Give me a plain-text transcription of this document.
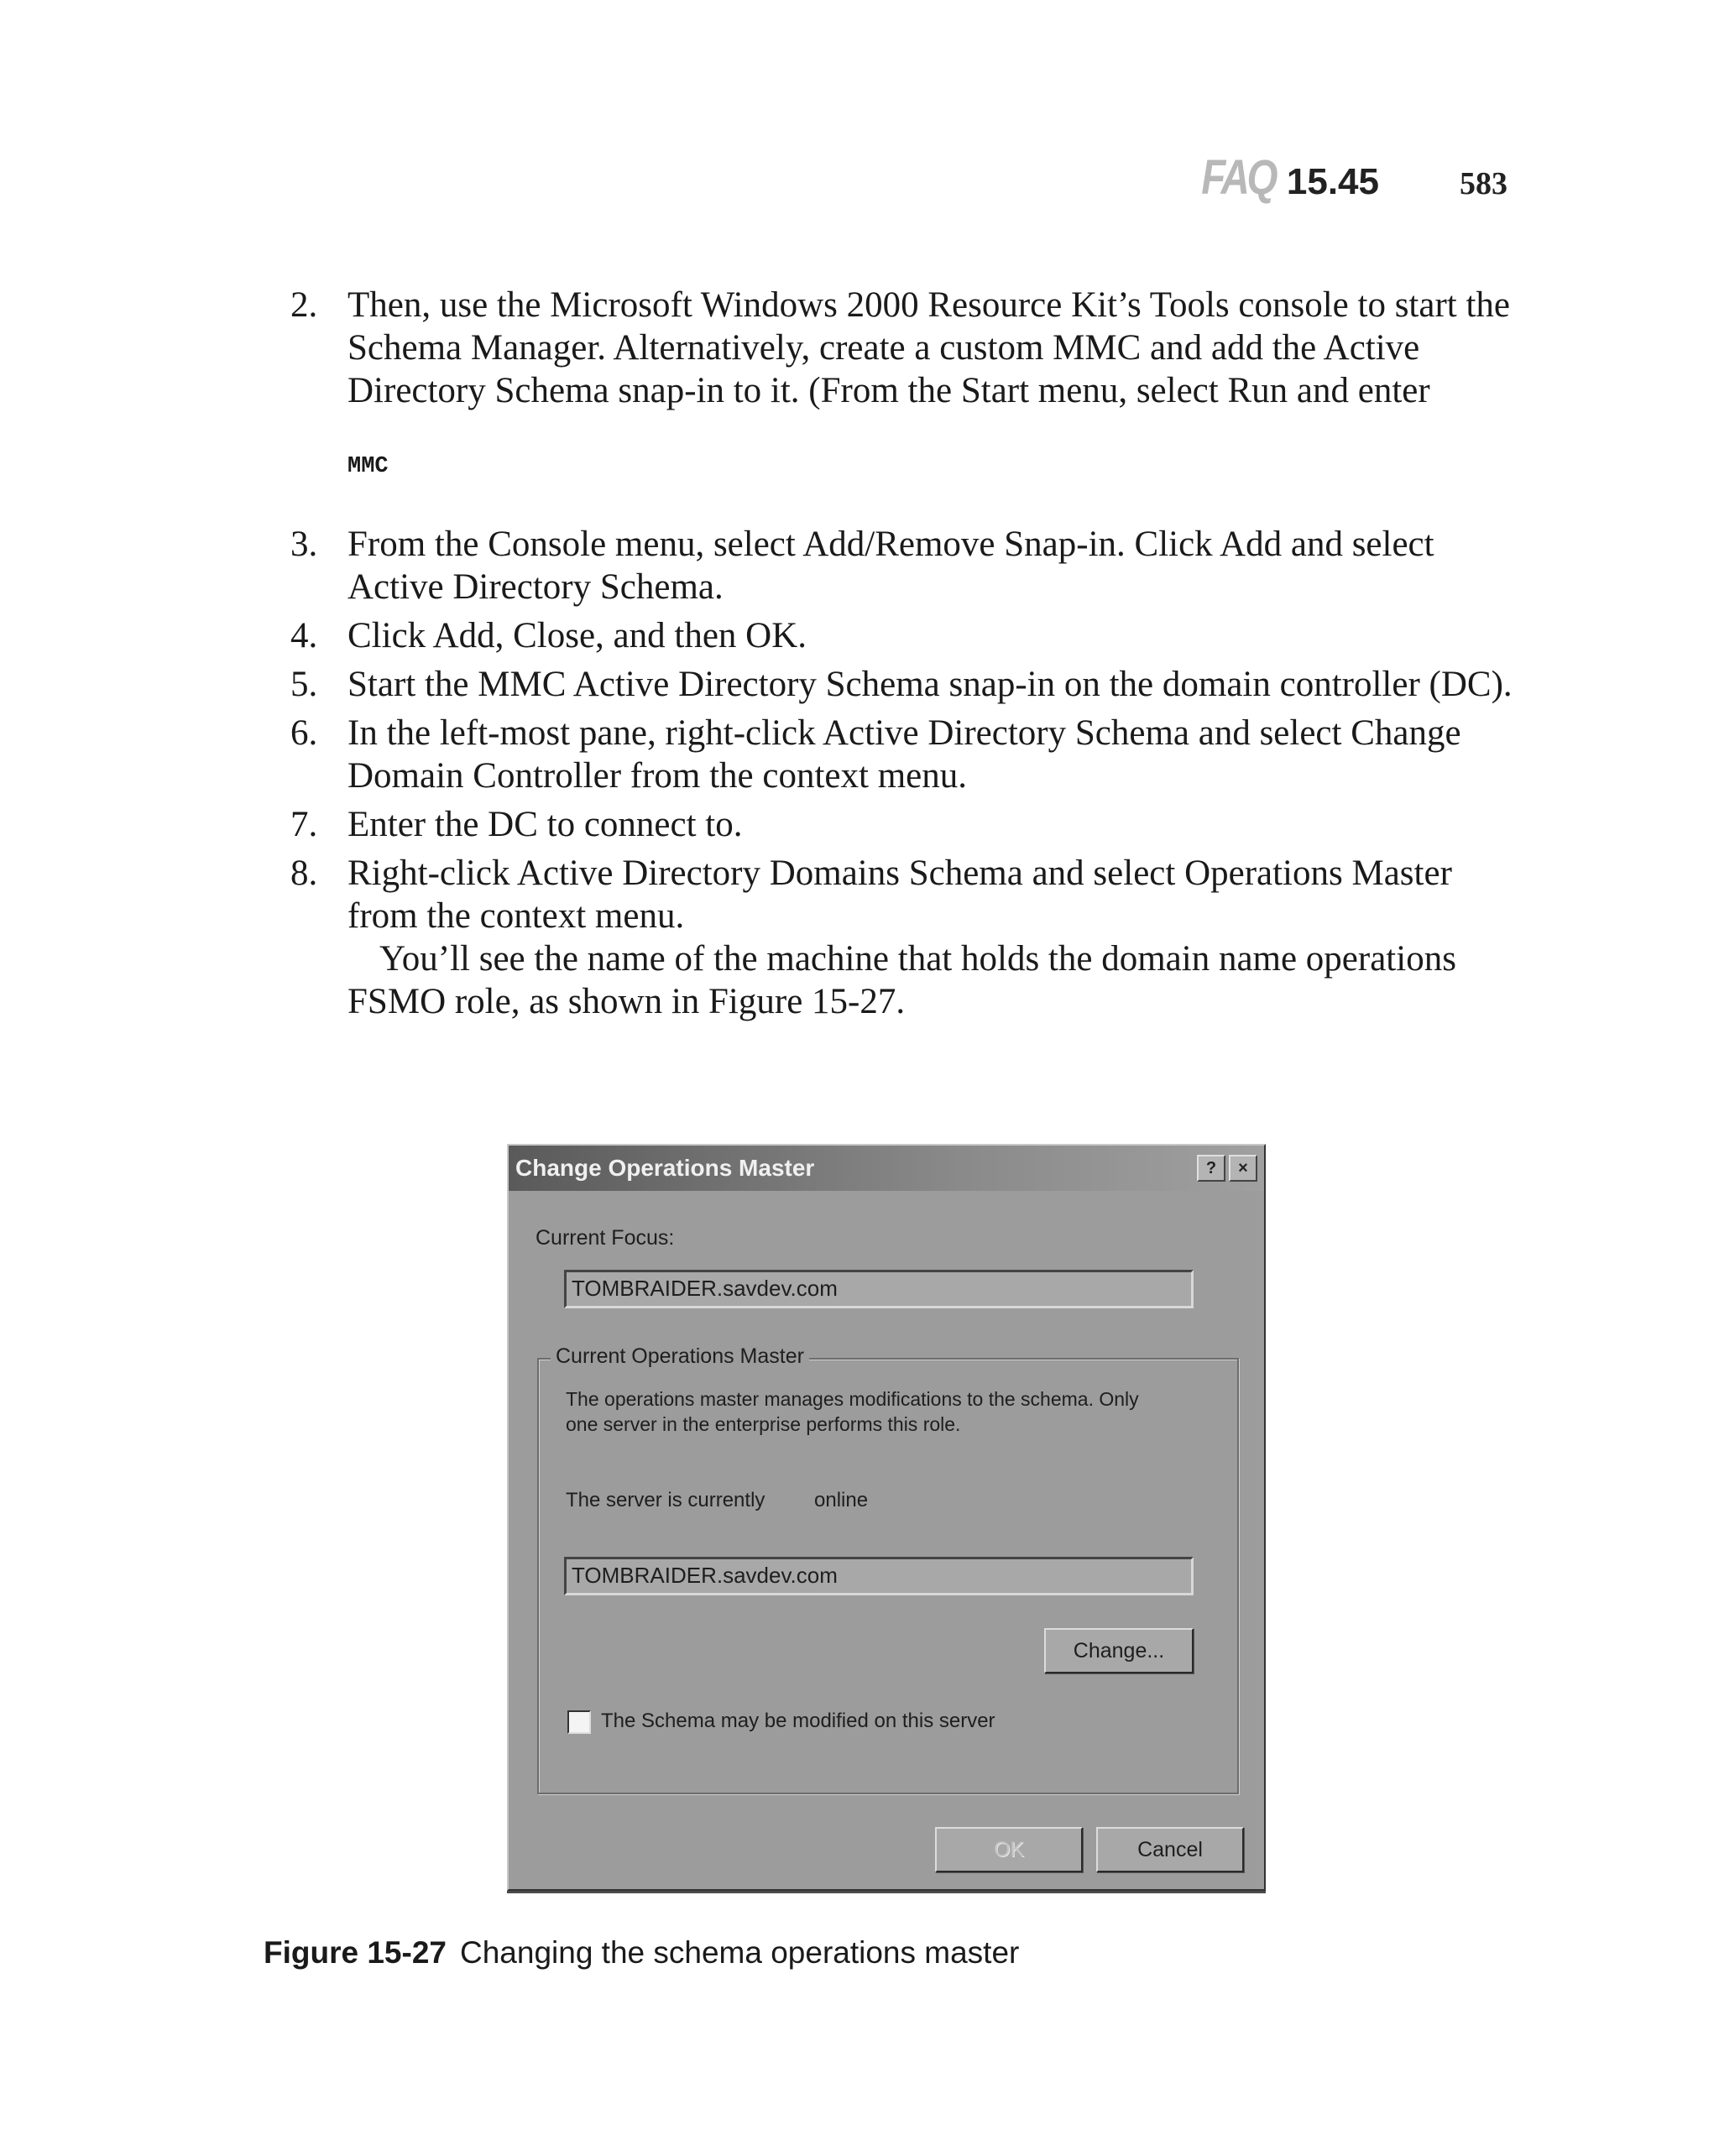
FAQ 15.45	583
2. Then, use the Microsoft Windows 2000 Resource Kit’s Tools console to start the Schema Manager. Alternatively, create a custom MMC and add the Active Directory Schema snap-in to it. (From the Start menu, select Run and enter
MMC
3. From the Console menu, select Add/Remove Snap-in. Click Add and select Active Directory Schema.
4. Click Add, Close, and then OK.
5. Start the MMC Active Directory Schema snap-in on the domain controller (DC).
6. In the left-most pane, right-click Active Directory Schema and select Change Domain Controller from the context menu.
7. Enter the DC to connect to.
8. Right-click Active Directory Domains Schema and select Operations Master from the context menu.
You’ll see the name of the machine that holds the domain name operations FSMO role, as shown in Figure 15-27.
Change Operations Master	?	×
Current Focus:
TOMBRAIDER.savdev.com
Current Operations Master
The operations master manages modifications to the schema. Only one server in the enterprise performs this role.
The server is currently online
TOMBRAIDER.savdev.com
Change...
The Schema may be modified on this server
OK	Cancel
Figure 15-27 Changing the schema operations master
